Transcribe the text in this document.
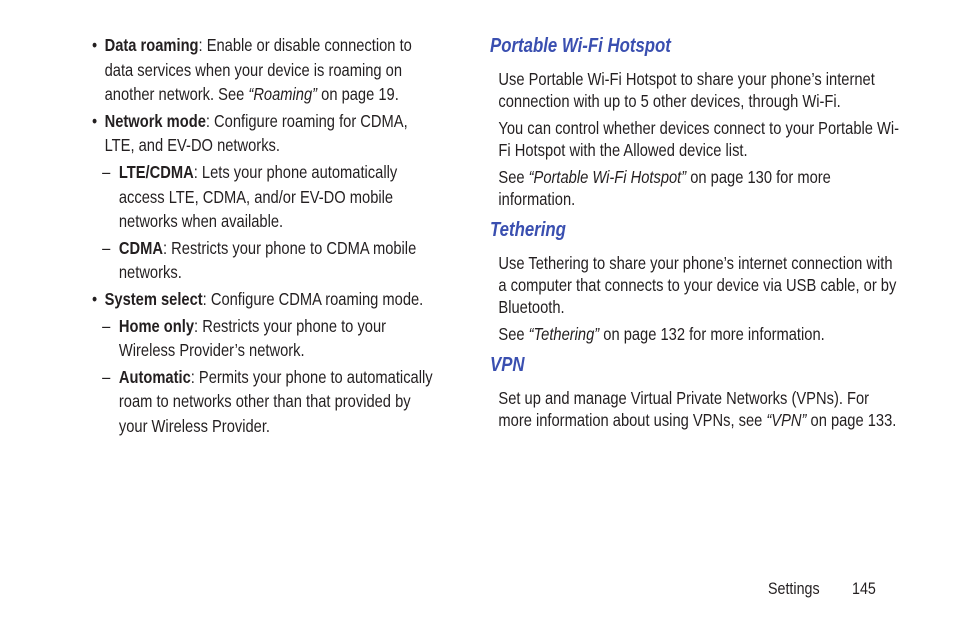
• Data roaming: Enable or disable connection to data services when your device is roaming on another network. See “Roaming” on page 19.
• Network mode: Configure roaming for CDMA, LTE, and EV-DO networks.
– LTE/CDMA: Lets your phone automatically access LTE, CDMA, and/or EV-DO mobile networks when available.
– CDMA: Restricts your phone to CDMA mobile networks.
• System select: Configure CDMA roaming mode.
– Home only: Restricts your phone to your Wireless Provider’s network.
– Automatic: Permits your phone to automatically roam to networks other than that provided by your Wireless Provider.
Portable Wi-Fi Hotspot

Use Portable Wi-Fi Hotspot to share your phone’s internet connection with up to 5 other devices, through Wi-Fi.

You can control whether devices connect to your Portable Wi-Fi Hotspot with the Allowed device list.

See “Portable Wi-Fi Hotspot” on page 130 for more information.

Tethering

Use Tethering to share your phone’s internet connection with a computer that connects to your device via USB cable, or by Bluetooth.

See “Tethering” on page 132 for more information.

VPN

Set up and manage Virtual Private Networks (VPNs). For more information about using VPNs, see “VPN” on page 133.

Settings 145
